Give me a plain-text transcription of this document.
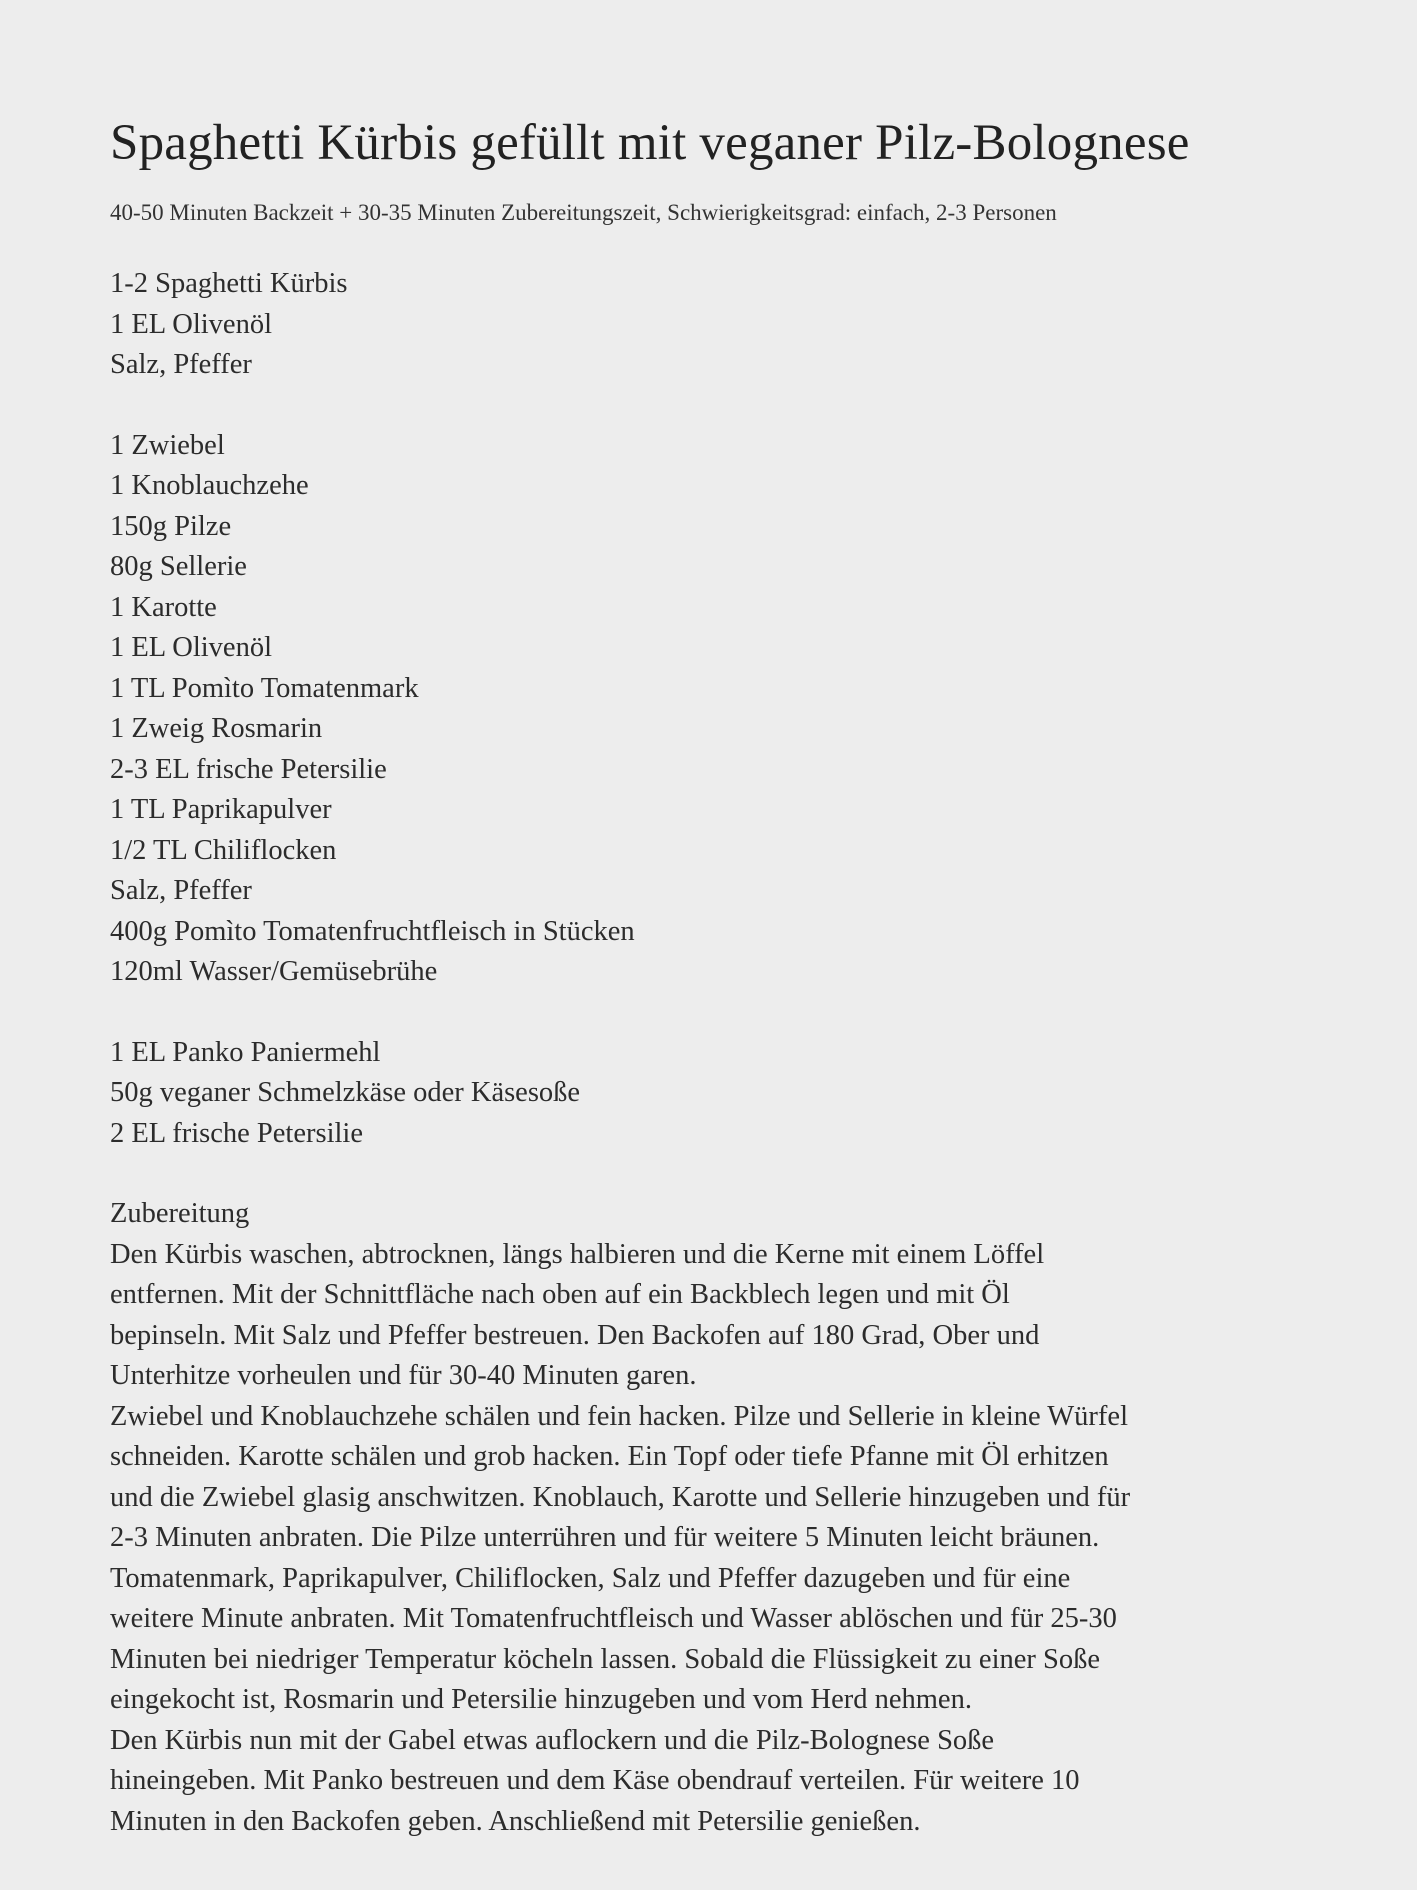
Spaghetti Kürbis gefüllt mit veganer Pilz-Bolognese
40-50 Minuten Backzeit + 30-35 Minuten Zubereitungszeit, Schwierigkeitsgrad: einfach, 2-3 Personen
1-2 Spaghetti Kürbis
1 EL Olivenöl
Salz, Pfeffer
1 Zwiebel
1 Knoblauchzehe
150g Pilze
80g Sellerie
1 Karotte
1 EL Olivenöl
1 TL Pomìto Tomatenmark
1 Zweig Rosmarin
2-3 EL frische Petersilie
1 TL Paprikapulver
1/2 TL Chiliflocken
Salz, Pfeffer
400g Pomìto Tomatenfruchtfleisch in Stücken
120ml Wasser/Gemüsebrühe
1 EL Panko Paniermehl
50g veganer Schmelzkäse oder Käsesoße
2 EL frische Petersilie
Zubereitung
Den Kürbis waschen, abtrocknen, längs halbieren und die Kerne mit einem Löffel
entfernen. Mit der Schnittfläche nach oben auf ein Backblech legen und mit Öl
bepinseln. Mit Salz und Pfeffer bestreuen. Den Backofen auf 180 Grad, Ober und
Unterhitze vorheulen und für 30-40 Minuten garen.
Zwiebel und Knoblauchzehe schälen und fein hacken. Pilze und Sellerie in kleine Würfel
schneiden. Karotte schälen und grob hacken. Ein Topf oder tiefe Pfanne mit Öl erhitzen
und die Zwiebel glasig anschwitzen. Knoblauch, Karotte und Sellerie hinzugeben und für
2-3 Minuten anbraten. Die Pilze unterrühren und für weitere 5 Minuten leicht bräunen.
Tomatenmark, Paprikapulver, Chiliflocken, Salz und Pfeffer dazugeben und für eine
weitere Minute anbraten. Mit Tomatenfruchtfleisch und Wasser ablöschen und für 25-30
Minuten bei niedriger Temperatur köcheln lassen. Sobald die Flüssigkeit zu einer Soße
eingekocht ist, Rosmarin und Petersilie hinzugeben und vom Herd nehmen.
Den Kürbis nun mit der Gabel etwas auflockern und die Pilz-Bolognese Soße
hineingeben. Mit Panko bestreuen und dem Käse obendrauf verteilen. Für weitere 10
Minuten in den Backofen geben. Anschließend mit Petersilie genießen.
